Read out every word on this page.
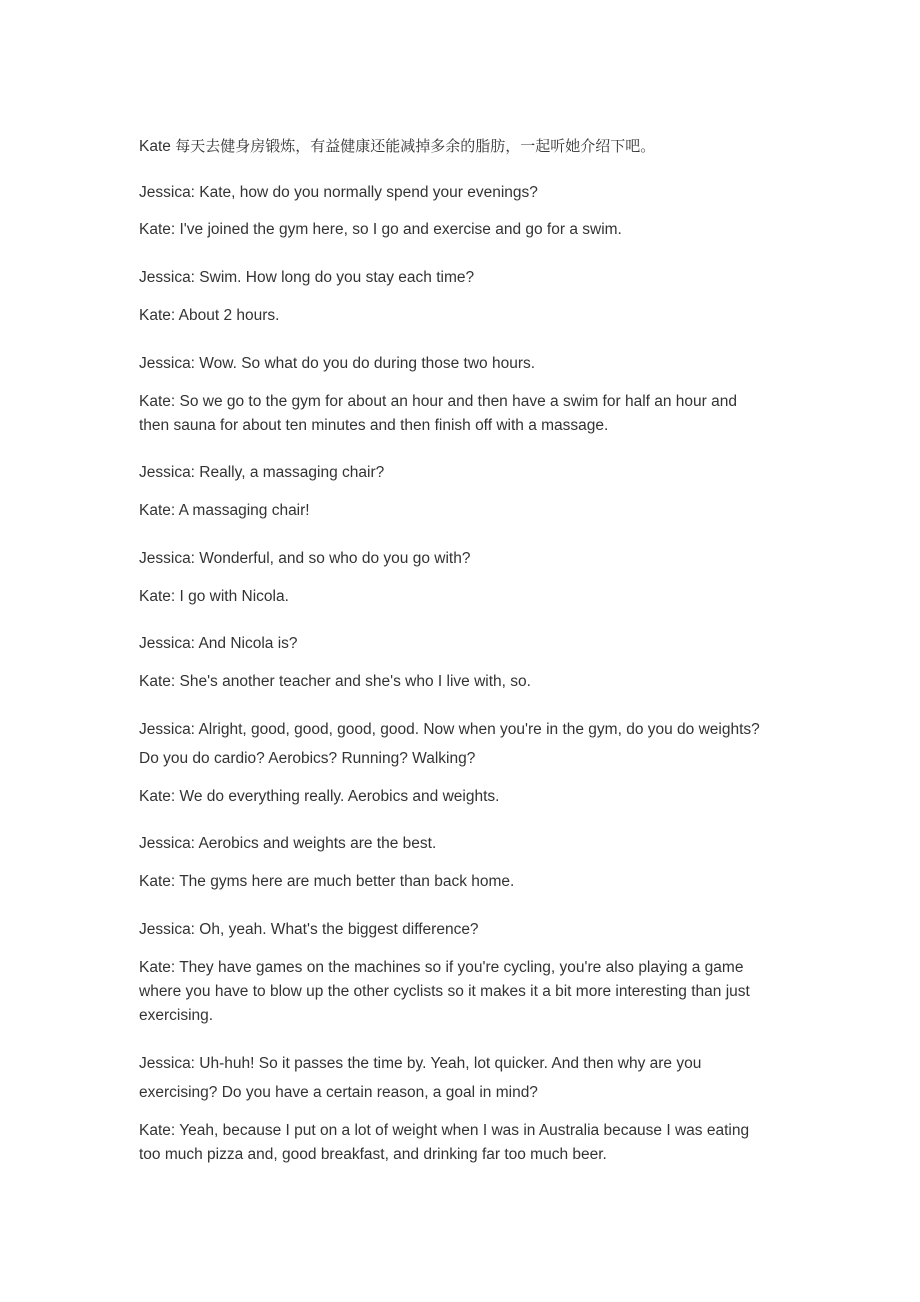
Kate 每天去健身房锻炼，有益健康还能减掉多余的脂肪，一起听她介绍下吧。
Jessica: Kate, how do you normally spend your evenings?
Kate: I've joined the gym here, so I go and exercise and go for a swim.
Jessica: Swim. How long do you stay each time?
Kate: About 2 hours.
Jessica: Wow. So what do you do during those two hours.
Kate: So we go to the gym for about an hour and then have a swim for half an hour and
then sauna for about ten minutes and then finish off with a massage.
Jessica: Really, a massaging chair?
Kate: A massaging chair!
Jessica: Wonderful, and so who do you go with?
Kate: I go with Nicola.
Jessica: And Nicola is?
Kate: She's another teacher and she's who I live with, so.
Jessica: Alright, good, good, good, good. Now when you're in the gym, do you do weights?
Do you do cardio? Aerobics? Running? Walking?
Kate: We do everything really. Aerobics and weights.
Jessica: Aerobics and weights are the best.
Kate: The gyms here are much better than back home.
Jessica: Oh, yeah. What's the biggest difference?
Kate: They have games on the machines so if you're cycling, you're also playing a game
where you have to blow up the other cyclists so it makes it a bit more interesting than just
exercising.
Jessica: Uh-huh! So it passes the time by. Yeah, lot quicker. And then why are you
exercising? Do you have a certain reason, a goal in mind?
Kate: Yeah, because I put on a lot of weight when I was in Australia because I was eating
too much pizza and, good breakfast, and drinking far too much beer.
